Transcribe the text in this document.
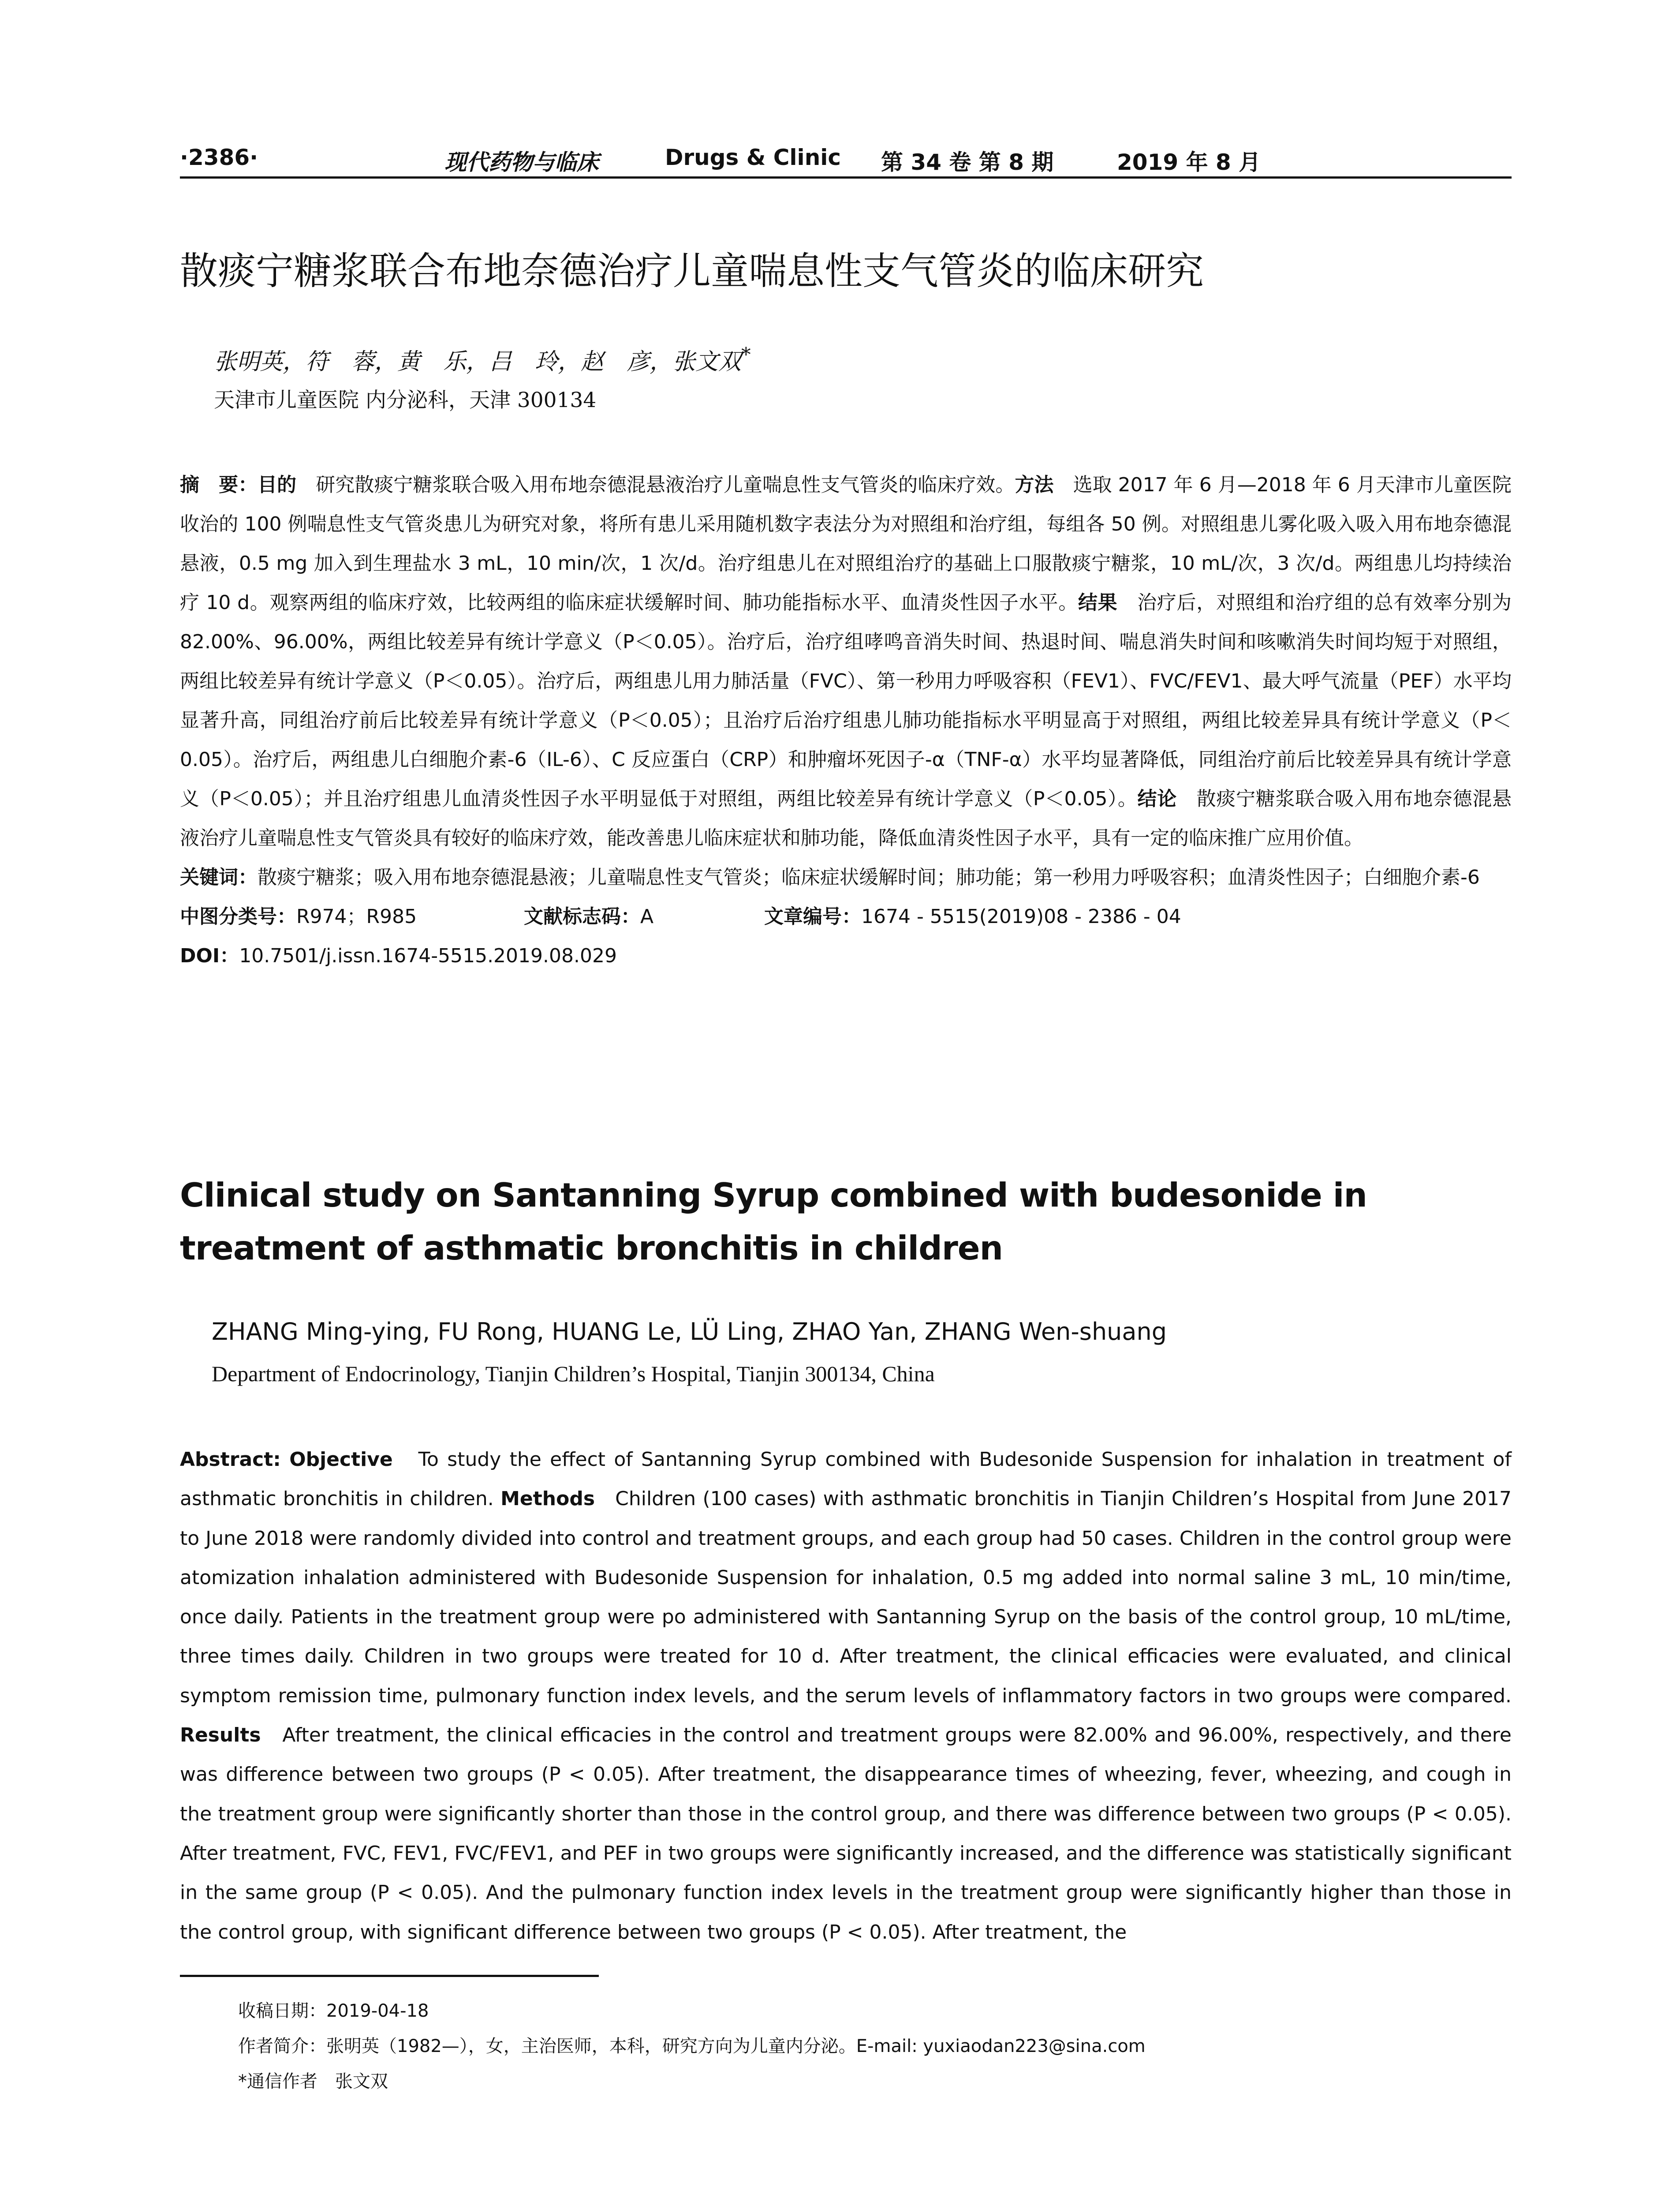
·2386·	现代药物与临床	Drugs & Clinic 第 34 卷 第 8 期	2019 年 8 月
散痰宁糖浆联合布地奈德治疗儿童喘息性支气管炎的临床研究
张明英，符　蓉，黄　乐，吕　玲，赵　彦，张文双*
天津市儿童医院 内分泌科，天津 300134

摘　要：目的　 研究散痰宁糖浆联合吸入用布地奈德混悬液治疗儿童喘息性支气管炎的临床疗效。方法　 选取 2017 年 6 月—2018 年 6 月天津市儿童医院收治的 100 例喘息性支气管炎患儿为研究对象，将所有患儿采用随机数字表法分为对照组和治疗组，每组各 50 例。对照组患儿雾化吸入吸入用布地奈德混悬液，0.5 mg 加入到生理盐水 3 mL，10 min/次，1 次/d。治疗组患儿在对照组治疗的基础上口服散痰宁糖浆，10 mL/次，3 次/d。两组患儿均持续治疗 10 d。观察两组的临床疗效，比较两组的临床症状缓解时间、肺功能指标水平、血清炎性因子水平。结果　 治疗后，对照组和治疗组的总有效率分别为 82.00%、96.00%，两组比较差异有统计学意义（P＜0.05）。治疗后，治疗组哮鸣音消失时间、热退时间、喘息消失时间和咳嗽消失时间均短于对照组，两组比较差异有统计学意义（P＜0.05）。治疗后，两组患儿用力肺活量（FVC）、第一秒用力呼吸容积（FEV1）、FVC/FEV1、最大呼气流量（PEF）水平均显著升高，同组治疗前后比较差异有统计学意义（P＜0.05）；且治疗后治疗组患儿肺功能指标水平明显高于对照组，两组比较差异具有统计学意义（P＜0.05）。治疗后，两组患儿白细胞介素-6（IL-6）、C 反应蛋白（CRP）和肿瘤坏死因子-α（TNF-α）水平均显著降低，同组治疗前后比较差异具有统计学意义（P＜0.05）；并且治疗组患儿血清炎性因子水平明显低于对照组，两组比较差异有统计学意义（P＜0.05）。结论　 散痰宁糖浆联合吸入用布地奈德混悬液治疗儿童喘息性支气管炎具有较好的临床疗效，能改善患儿临床症状和肺功能，降低血清炎性因子水平，具有一定的临床推广应用价值。

关键词：散痰宁糖浆；吸入用布地奈德混悬液；儿童喘息性支气管炎；临床症状缓解时间；肺功能；第一秒用力呼吸容积；血清炎性因子；白细胞介素-6

中图分类号：R974；R985	文献标志码：A	文章编号：1674 - 5515(2019)08 - 2386 - 04

DOI：10.7501/j.issn.1674-5515.2019.08.029

Clinical study on Santanning Syrup combined with budesonide in treatment of asthmatic bronchitis in children
ZHANG Ming-ying, FU Rong, HUANG Le, LÜ Ling, ZHAO Yan, ZHANG Wen-shuang
Department of Endocrinology, Tianjin Children’s Hospital, Tianjin 300134, China
Abstract: Objective To study the effect of Santanning Syrup combined with Budesonide Suspension for inhalation in treatment of asthmatic bronchitis in children. Methods Children (100 cases) with asthmatic bronchitis in Tianjin Children’s Hospital from June 2017 to June 2018 were randomly divided into control and treatment groups, and each group had 50 cases. Children in the control group were atomization inhalation administered with Budesonide Suspension for inhalation, 0.5 mg added into normal saline 3 mL, 10 min/time, once daily. Patients in the treatment group were po administered with Santanning Syrup on the basis of the control group, 10 mL/time, three times daily. Children in two groups were treated for 10 d. After treatment, the clinical efficacies were evaluated, and clinical symptom remission time, pulmonary function index levels, and the serum levels of inflammatory factors in two groups were compared. Results After treatment, the clinical efficacies in the control and treatment groups were 82.00% and 96.00%, respectively, and there was difference between two groups (P < 0.05). After treatment, the disappearance times of wheezing, fever, wheezing, and cough in the treatment group were significantly shorter than those in the control group, and there was difference between two groups (P < 0.05). After treatment, FVC, FEV1, FVC/FEV1, and PEF in two groups were significantly increased, and the difference was statistically significant in the same group (P < 0.05). And the pulmonary function index levels in the treatment group were significantly higher than those in the control group, with significant difference between two groups (P < 0.05). After treatment, the
收稿日期：2019-04-18
作者简介：张明英（1982—），女，主治医师，本科，研究方向为儿童内分泌。E-mail: yuxiaodan223@sina.com
*通信作者　张文双
